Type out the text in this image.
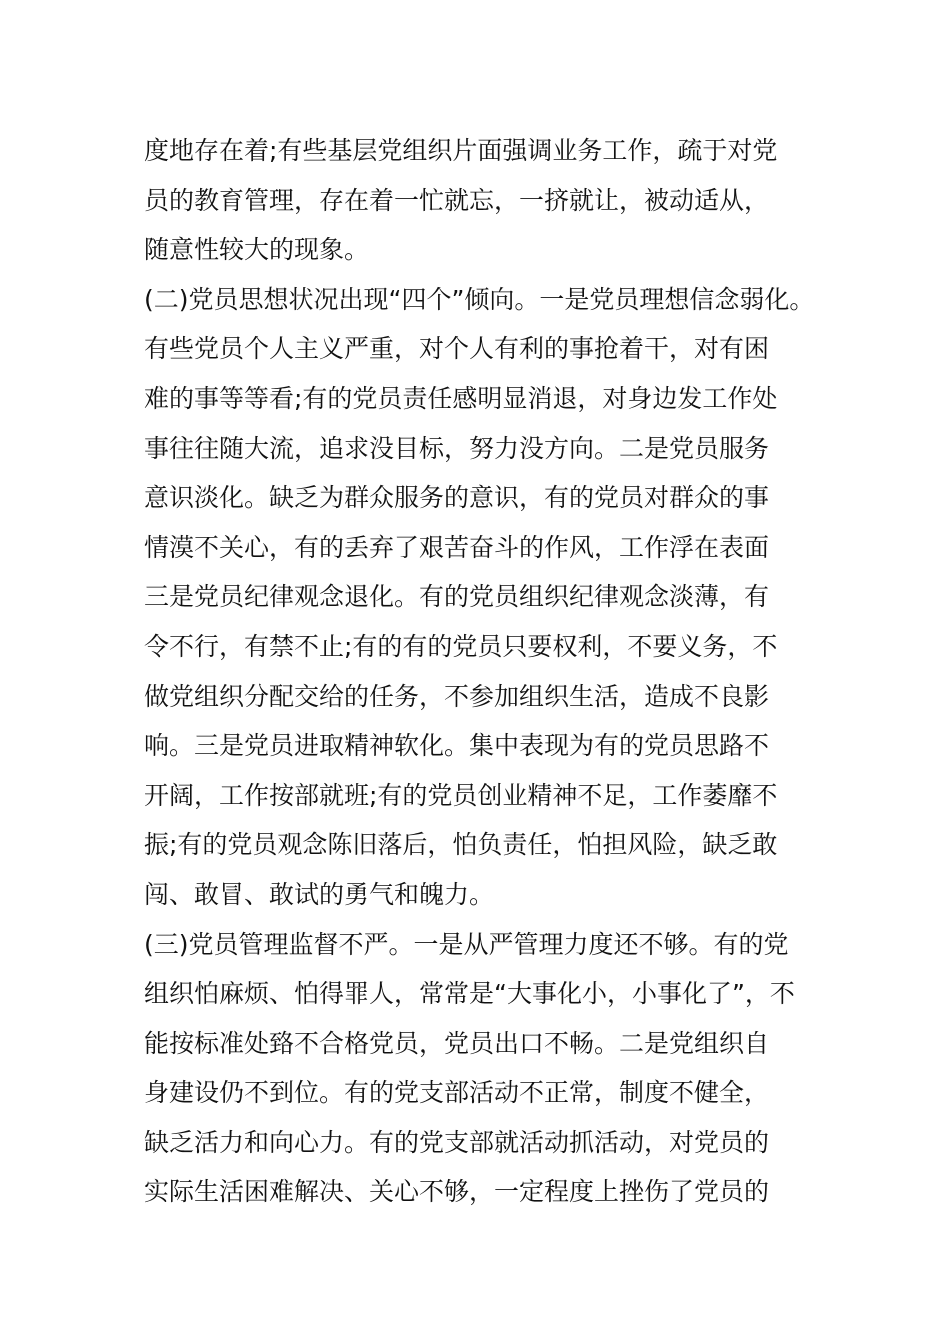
度地存在着;有些基层党组织片面强调业务工作，疏于对党
员的教育管理，存在着一忙就忘，一挤就让，被动适从，
随意性较大的现象。
(二)党员思想状况出现“四个”倾向。一是党员理想信念弱化。
有些党员个人主义严重，对个人有利的事抢着干，对有困
难的事等等看;有的党员责任感明显消退，对身边发工作处
事往往随大流，追求没目标，努力没方向。二是党员服务
意识淡化。缺乏为群众服务的意识，有的党员对群众的事
情漠不关心，有的丢弃了艰苦奋斗的作风，工作浮在表面
三是党员纪律观念退化。有的党员组织纪律观念淡薄，有
令不行，有禁不止;有的有的党员只要权利，不要义务，不
做党组织分配交给的任务，不参加组织生活，造成不良影
响。三是党员进取精神软化。集中表现为有的党员思路不
开阔，工作按部就班;有的党员创业精神不足，工作萎靡不
振;有的党员观念陈旧落后，怕负责任，怕担风险，缺乏敢
闯、敢冒、敢试的勇气和魄力。
(三)党员管理监督不严。一是从严管理力度还不够。有的党
组织怕麻烦、怕得罪人，常常是“大事化小，小事化了”，不
能按标准处臵不合格党员，党员出口不畅。二是党组织自
身建设仍不到位。有的党支部活动不正常，制度不健全，
缺乏活力和向心力。有的党支部就活动抓活动，对党员的
实际生活困难解决、关心不够，一定程度上挫伤了党员的
